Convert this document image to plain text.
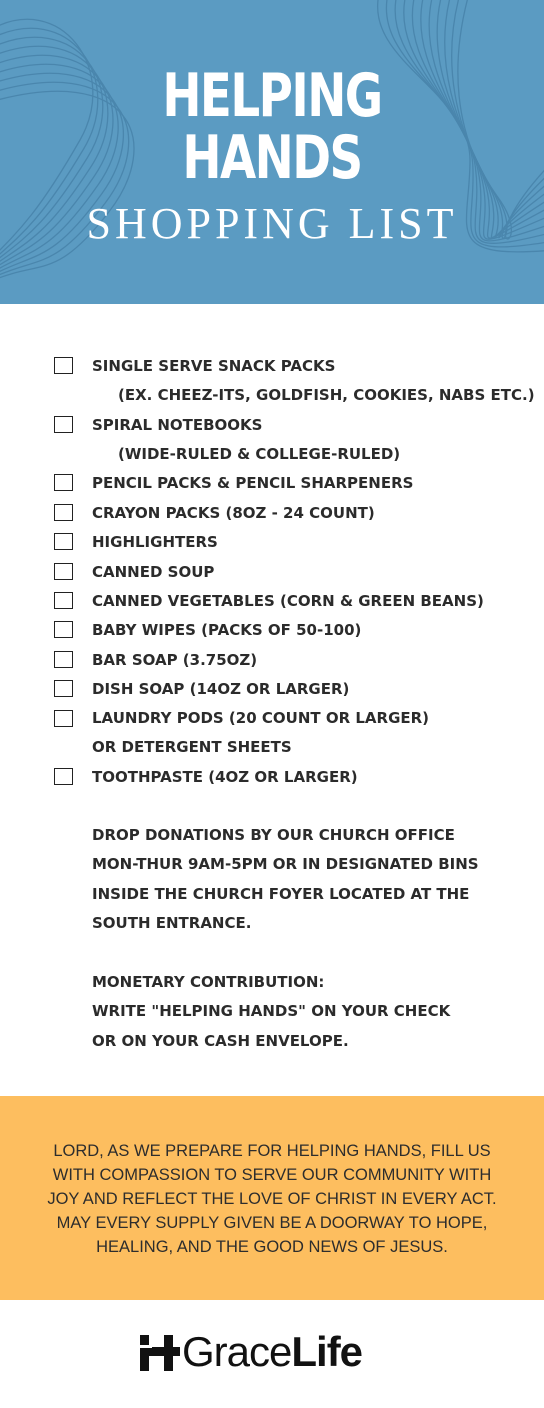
HELPING
HANDS
SHOPPING LIST
SINGLE SERVE SNACK PACKS
(EX. CHEEZ-ITS, GOLDFISH, COOKIES, NABS ETC.)
SPIRAL NOTEBOOKS
(WIDE-RULED & COLLEGE-RULED)
PENCIL PACKS & PENCIL SHARPENERS
CRAYON PACKS (8OZ - 24 COUNT)
HIGHLIGHTERS
CANNED SOUP
CANNED VEGETABLES (CORN & GREEN BEANS)
BABY WIPES (PACKS OF 50-100)
BAR SOAP (3.75OZ)
DISH SOAP (14OZ OR LARGER)
LAUNDRY PODS (20 COUNT OR LARGER)
OR DETERGENT SHEETS
TOOTHPASTE (4OZ OR LARGER)
DROP DONATIONS BY OUR CHURCH OFFICE
MON-THUR 9AM-5PM OR IN DESIGNATED BINS
INSIDE THE CHURCH FOYER LOCATED AT THE
SOUTH ENTRANCE.
MONETARY CONTRIBUTION:
WRITE "HELPING HANDS" ON YOUR CHECK
OR ON YOUR CASH ENVELOPE.
LORD, AS WE PREPARE FOR HELPING HANDS, FILL US
WITH COMPASSION TO SERVE OUR COMMUNITY WITH
JOY AND REFLECT THE LOVE OF CHRIST IN EVERY ACT.
MAY EVERY SUPPLY GIVEN BE A DOORWAY TO HOPE,
HEALING, AND THE GOOD NEWS OF JESUS.
GraceLife
